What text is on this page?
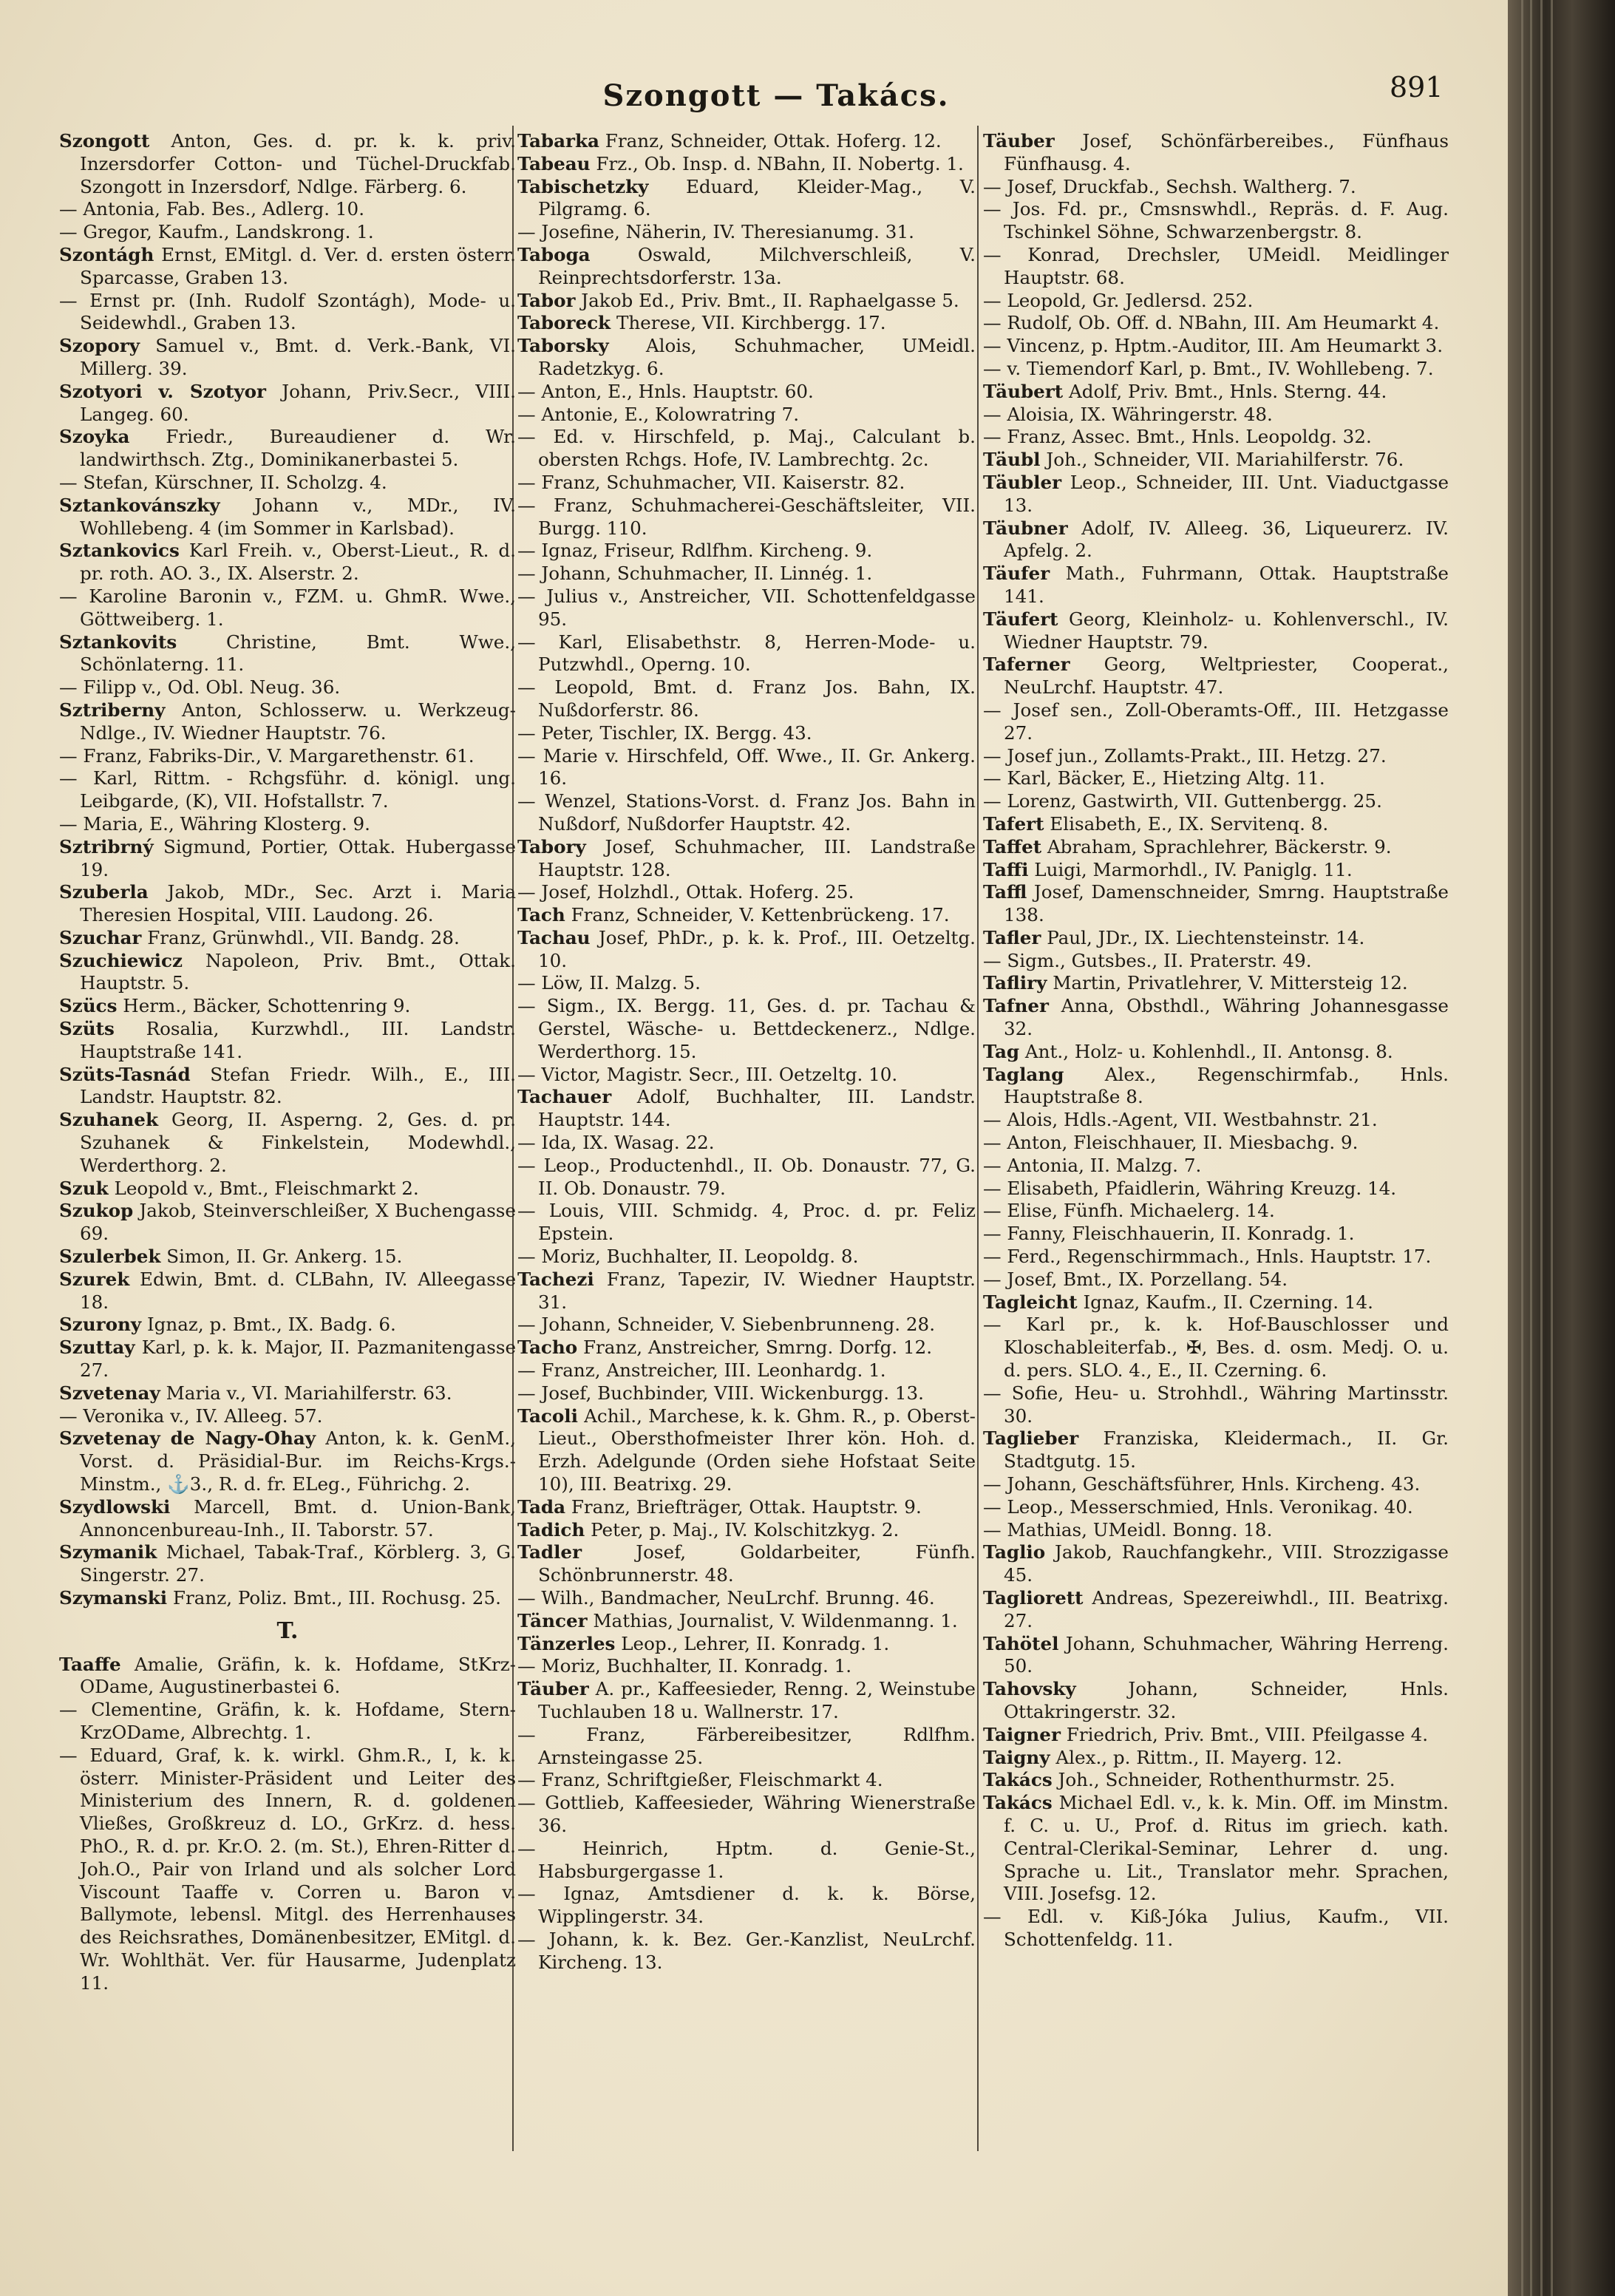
Szongott — Takács.	891

Szongott Anton, Ges. d. pr. k. k. priv. Inzersdorfer Cotton- und Tüchel-Druckfab. Szongott in Inzersdorf, Ndlge. Färberg. 6.

— Antonia, Fab. Bes., Adlerg. 10.

— Gregor, Kaufm., Landskrong. 1.

Szontágh Ernst, EMitgl. d. Ver. d. ersten österr. Sparcasse, Graben 13.

— Ernst pr. (Inh. Rudolf Szontágh), Mode- u. Seidewhdl., Graben 13.

Szopory Samuel v., Bmt. d. Verk.-Bank, VI. Millerg. 39.

Szotyori v. Szotyor Johann, Priv.Secr., VIII. Langeg. 60.

Szoyka Friedr., Bureaudiener d. Wr. landwirthsch. Ztg., Dominikanerbastei 5.

— Stefan, Kürschner, II. Scholzg. 4.

Sztankovánszky Johann v., MDr., IV. Wohllebeng. 4 (im Sommer in Karlsbad).

Sztankovics Karl Freih. v., Oberst-Lieut., R. d. pr. roth. AO. 3., IX. Alserstr. 2.

— Karoline Baronin v., FZM. u. GhmR. Wwe., Göttweiberg. 1.

Sztankovits	Christine, Bmt. Wwe., Schönlaterng. 11.

— Filipp v., Od. Obl. Neug. 36.

Sztriberny Anton, Schlosserw. u. Werkzeug-Ndlge., IV. Wiedner Hauptstr. 76.

— Franz, Fabriks-Dir., V. Margarethenstr. 61.

— Karl, Rittm. - Rchgsführ. d. königl. ung. Leibgarde, (K), VII. Hofstallstr. 7.

— Maria, E., Währing Klosterg. 9.

Sztribrný Sigmund, Portier, Ottak. Hubergasse 19.

Szuberla Jakob, MDr., Sec. Arzt i. Maria Theresien Hospital, VIII. Laudong. 26.

Szuchar Franz, Grünwhdl., VII. Bandg. 28.

Szuchiewicz Napoleon, Priv. Bmt., Ottak. Hauptstr. 5.

Szücs Herm., Bäcker, Schottenring 9.

Szüts Rosalia, Kurzwhdl., III. Landstr. Hauptstraße 141.

Szüts-Tasnád Stefan Friedr. Wilh., E., III. Landstr. Hauptstr. 82.

Szuhanek Georg, II. Asperng. 2, Ges. d. pr. Szuhanek & Finkelstein, Modewhdl., Werderthorg. 2.

Szuk Leopold v., Bmt., Fleischmarkt 2.

Szukop Jakob, Steinverschleißer, X Buchengasse 69.

Szulerbek Simon, II. Gr. Ankerg. 15.

Szurek Edwin, Bmt. d. CLBahn, IV. Alleegasse 18.

Szurony Ignaz, p. Bmt., IX. Badg. 6.

Szuttay Karl, p. k. k. Major, II. Pazmanitengasse 27.

Szvetenay Maria v., VI. Mariahilferstr. 63.

— Veronika v., IV. Alleeg. 57.

Szvetenay de Nagy-Ohay Anton, k. k. GenM., Vorst. d. Präsidial-Bur. im Reichs-Krgs.-Minstm., ⚓3., R. d. fr. ELeg., Führichg. 2.

Szydlowski Marcell, Bmt. d. Union-Bank, Annoncenbureau-Inh., II. Taborstr. 57.

Szymanik Michael, Tabak-Traf., Körblerg. 3, G. Singerstr. 27.

Szymanski Franz, Poliz. Bmt., III. Rochusg. 25.

T.

Taaffe Amalie, Gräfin, k. k. Hofdame, StKrz-ODame, Augustinerbastei 6.

— Clementine, Gräfin, k. k. Hofdame, Stern-KrzODame, Albrechtg. 1.

— Eduard, Graf, k. k. wirkl. Ghm.R., I, k. k. österr. Minister-Präsident und Leiter des Ministerium des Innern, R. d. goldenen Vließes, Großkreuz d. LO., GrKrz. d. hess. PhO., R. d. pr. Kr.O. 2. (m. St.), Ehren-Ritter d. Joh.O., Pair von Irland und als solcher Lord Viscount Taaffe v. Corren u. Baron v. Ballymote, lebensl. Mitgl. des Herrenhauses des Reichsrathes, Domänenbesitzer, EMitgl. d. Wr. Wohlthät. Ver. für Hausarme, Judenplatz 11.

Tabarka Franz, Schneider, Ottak. Hoferg. 12.

Tabeau Frz., Ob. Insp. d. NBahn, II. Nobertg. 1.

Tabischetzky Eduard, Kleider-Mag., V. Pilgramg. 6.

— Josefine, Näherin, IV. Theresianumg. 31.

Taboga	Oswald, Milchverschleiß, V. Reinprechtsdorferstr. 13a.

Tabor Jakob Ed., Priv. Bmt., II. Raphaelgasse 5.

Taboreck Therese, VII. Kirchbergg. 17.

Taborsky Alois, Schuhmacher, UMeidl. Radetzkyg. 6.

— Anton, E., Hnls. Hauptstr. 60.

— Antonie, E., Kolowratring 7.

— Ed. v. Hirschfeld, p. Maj., Calculant b. obersten Rchgs. Hofe, IV. Lambrechtg. 2c.

— Franz, Schuhmacher, VII. Kaiserstr. 82.

— Franz, Schuhmacherei-Geschäftsleiter, VII. Burgg. 110.

— Ignaz, Friseur, Rdlfhm. Kircheng. 9.

— Johann, Schuhmacher, II. Linnég. 1.

— Julius v., Anstreicher, VII. Schottenfeldgasse 95.

— Karl, Elisabethstr. 8, Herren-Mode- u. Putzwhdl., Operng. 10.

— Leopold, Bmt. d. Franz Jos. Bahn, IX. Nußdorferstr. 86.

— Peter, Tischler, IX. Bergg. 43.

— Marie v. Hirschfeld, Off. Wwe., II. Gr. Ankerg. 16.

— Wenzel, Stations-Vorst. d. Franz Jos. Bahn in Nußdorf, Nußdorfer Hauptstr. 42.

Tabory Josef, Schuhmacher, III. Landstraße Hauptstr. 128.

— Josef, Holzhdl., Ottak. Hoferg. 25.

Tach Franz, Schneider, V. Kettenbrückeng. 17.

Tachau Josef, PhDr., p. k. k. Prof., III. Oetzeltg. 10.

— Löw, II. Malzg. 5.

— Sigm., IX. Bergg. 11, Ges. d. pr. Tachau & Gerstel, Wäsche- u. Bettdeckenerz., Ndlge. Werderthorg. 15.

— Victor, Magistr. Secr., III. Oetzeltg. 10.

Tachauer Adolf, Buchhalter, III. Landstr. Hauptstr. 144.

— Ida, IX. Wasag. 22.

— Leop., Productenhdl., II. Ob. Donaustr. 77, G. II. Ob. Donaustr. 79.

— Louis, VIII. Schmidg. 4, Proc. d. pr. Feliz Epstein.

— Moriz, Buchhalter, II. Leopoldg. 8.

Tachezi Franz, Tapezir, IV. Wiedner Hauptstr. 31.

— Johann, Schneider, V. Siebenbrunneng. 28.

Tacho Franz, Anstreicher, Smrng. Dorfg. 12.

— Franz, Anstreicher, III. Leonhardg. 1.

— Josef, Buchbinder, VIII. Wickenburgg. 13.

Tacoli Achil., Marchese, k. k. Ghm. R., p. Oberst-Lieut., Obersthofmeister Ihrer kön. Hoh. d. Erzh. Adelgunde (Orden siehe Hofstaat Seite 10), III. Beatrixg. 29.

Tada Franz, Briefträger, Ottak. Hauptstr. 9.

Tadich Peter, p. Maj., IV. Kolschitzkyg. 2.

Tadler	Josef, Goldarbeiter, Fünfh. Schönbrunnerstr. 48.

— Wilh., Bandmacher, NeuLrchf. Brunng. 46.

Täncer Mathias, Journalist, V. Wildenmanng. 1.

Tänzerles Leop., Lehrer, II. Konradg. 1.

— Moriz, Buchhalter, II. Konradg. 1.

Täuber A. pr., Kaffeesieder, Renng. 2, Weinstube Tuchlauben 18 u. Wallnerstr. 17.

— Franz, Färbereibesitzer, Rdlfhm. Arnsteingasse 25.

— Franz, Schriftgießer, Fleischmarkt 4.

— Gottlieb, Kaffeesieder, Währing Wienerstraße 36.

— Heinrich, Hptm. d. Genie-St., Habsburgergasse 1.

— Ignaz, Amtsdiener d. k. k. Börse, Wipplingerstr. 34.

— Johann, k. k. Bez. Ger.-Kanzlist, NeuLrchf. Kircheng. 13.

Täuber Josef, Schönfärbereibes., Fünfhaus Fünfhausg. 4.

— Josef, Druckfab., Sechsh. Waltherg. 7.

— Jos. Fd. pr., Cmsnswhdl., Repräs. d. F. Aug. Tschinkel Söhne, Schwarzenbergstr. 8.

— Konrad, Drechsler, UMeidl. Meidlinger Hauptstr. 68.

— Leopold, Gr. Jedlersd. 252.

— Rudolf, Ob. Off. d. NBahn, III. Am Heumarkt 4.

— Vincenz, p. Hptm.-Auditor, III. Am Heumarkt 3.

— v. Tiemendorf Karl, p. Bmt., IV. Wohllebeng. 7.

Täubert Adolf, Priv. Bmt., Hnls. Sterng. 44.

— Aloisia, IX. Währingerstr. 48.

— Franz, Assec. Bmt., Hnls. Leopoldg. 32.

Täubl Joh., Schneider, VII. Mariahilferstr. 76.

Täubler Leop., Schneider, III. Unt. Viaductgasse 13.

Täubner Adolf, IV. Alleeg. 36, Liqueurerz. IV. Apfelg. 2.

Täufer Math., Fuhrmann, Ottak. Hauptstraße 141.

Täufert Georg, Kleinholz- u. Kohlenverschl., IV. Wiedner Hauptstr. 79.

Taferner Georg, Weltpriester, Cooperat., NeuLrchf. Hauptstr. 47.

— Josef sen., Zoll-Oberamts-Off., III. Hetzgasse 27.

— Josef jun., Zollamts-Prakt., III. Hetzg. 27.

— Karl, Bäcker, E., Hietzing Altg. 11.

— Lorenz, Gastwirth, VII. Guttenbergg. 25.

Tafert Elisabeth, E., IX. Servitenq. 8.

Taffet Abraham, Sprachlehrer, Bäckerstr. 9.

Taffi Luigi, Marmorhdl., IV. Paniglg. 11.

Taffl Josef, Damenschneider, Smrng. Hauptstraße 138.

Tafler Paul, JDr., IX. Liechtensteinstr. 14.

— Sigm., Gutsbes., II. Praterstr. 49.

Tafliry Martin, Privatlehrer, V. Mittersteig 12.

Tafner Anna, Obsthdl., Währing Johannesgasse 32.

Tag Ant., Holz- u. Kohlenhdl., II. Antonsg. 8.

Taglang Alex., Regenschirmfab., Hnls. Hauptstraße 8.

— Alois, Hdls.-Agent, VII. Westbahnstr. 21.

— Anton, Fleischhauer, II. Miesbachg. 9.

— Antonia, II. Malzg. 7.

— Elisabeth, Pfaidlerin, Währing Kreuzg. 14.

— Elise, Fünfh. Michaelerg. 14.

— Fanny, Fleischhauerin, II. Konradg. 1.

— Ferd., Regenschirmmach., Hnls. Hauptstr. 17.

— Josef, Bmt., IX. Porzellang. 54.

Tagleicht Ignaz, Kaufm., II. Czerning. 14.

— Karl pr., k. k. Hof-Bauschlosser und Kloschableiterfab., ✠, Bes. d. osm. Medj. O. u. d. pers. SLO. 4., E., II. Czerning. 6.

— Sofie, Heu- u. Strohhdl., Währing Martinsstr. 30.

Taglieber Franziska, Kleidermach., II. Gr. Stadtgutg. 15.

— Johann, Geschäftsführer, Hnls. Kircheng. 43.

— Leop., Messerschmied, Hnls. Veronikag. 40.

— Mathias, UMeidl. Bonng. 18.

Taglio Jakob, Rauchfangkehr., VIII. Strozzigasse 45.

Tagliorett Andreas, Spezereiwhdl., III. Beatrixg. 27.

Tahötel Johann, Schuhmacher, Währing Herreng. 50.

Tahovsky	Johann, Schneider, Hnls. Ottakringerstr. 32.

Taigner Friedrich, Priv. Bmt., VIII. Pfeilgasse 4.

Taigny Alex., p. Rittm., II. Mayerg. 12.

Takács Joh., Schneider, Rothenthurmstr. 25.

Takács Michael Edl. v., k. k. Min. Off. im Minstm. f. C. u. U., Prof. d. Ritus im griech. kath. Central-Clerikal-Seminar, Lehrer d. ung. Sprache u. Lit., Translator mehr. Sprachen, VIII. Josefsg. 12.

— Edl. v. Kiß-Jóka Julius, Kaufm., VII. Schottenfeldg. 11.
